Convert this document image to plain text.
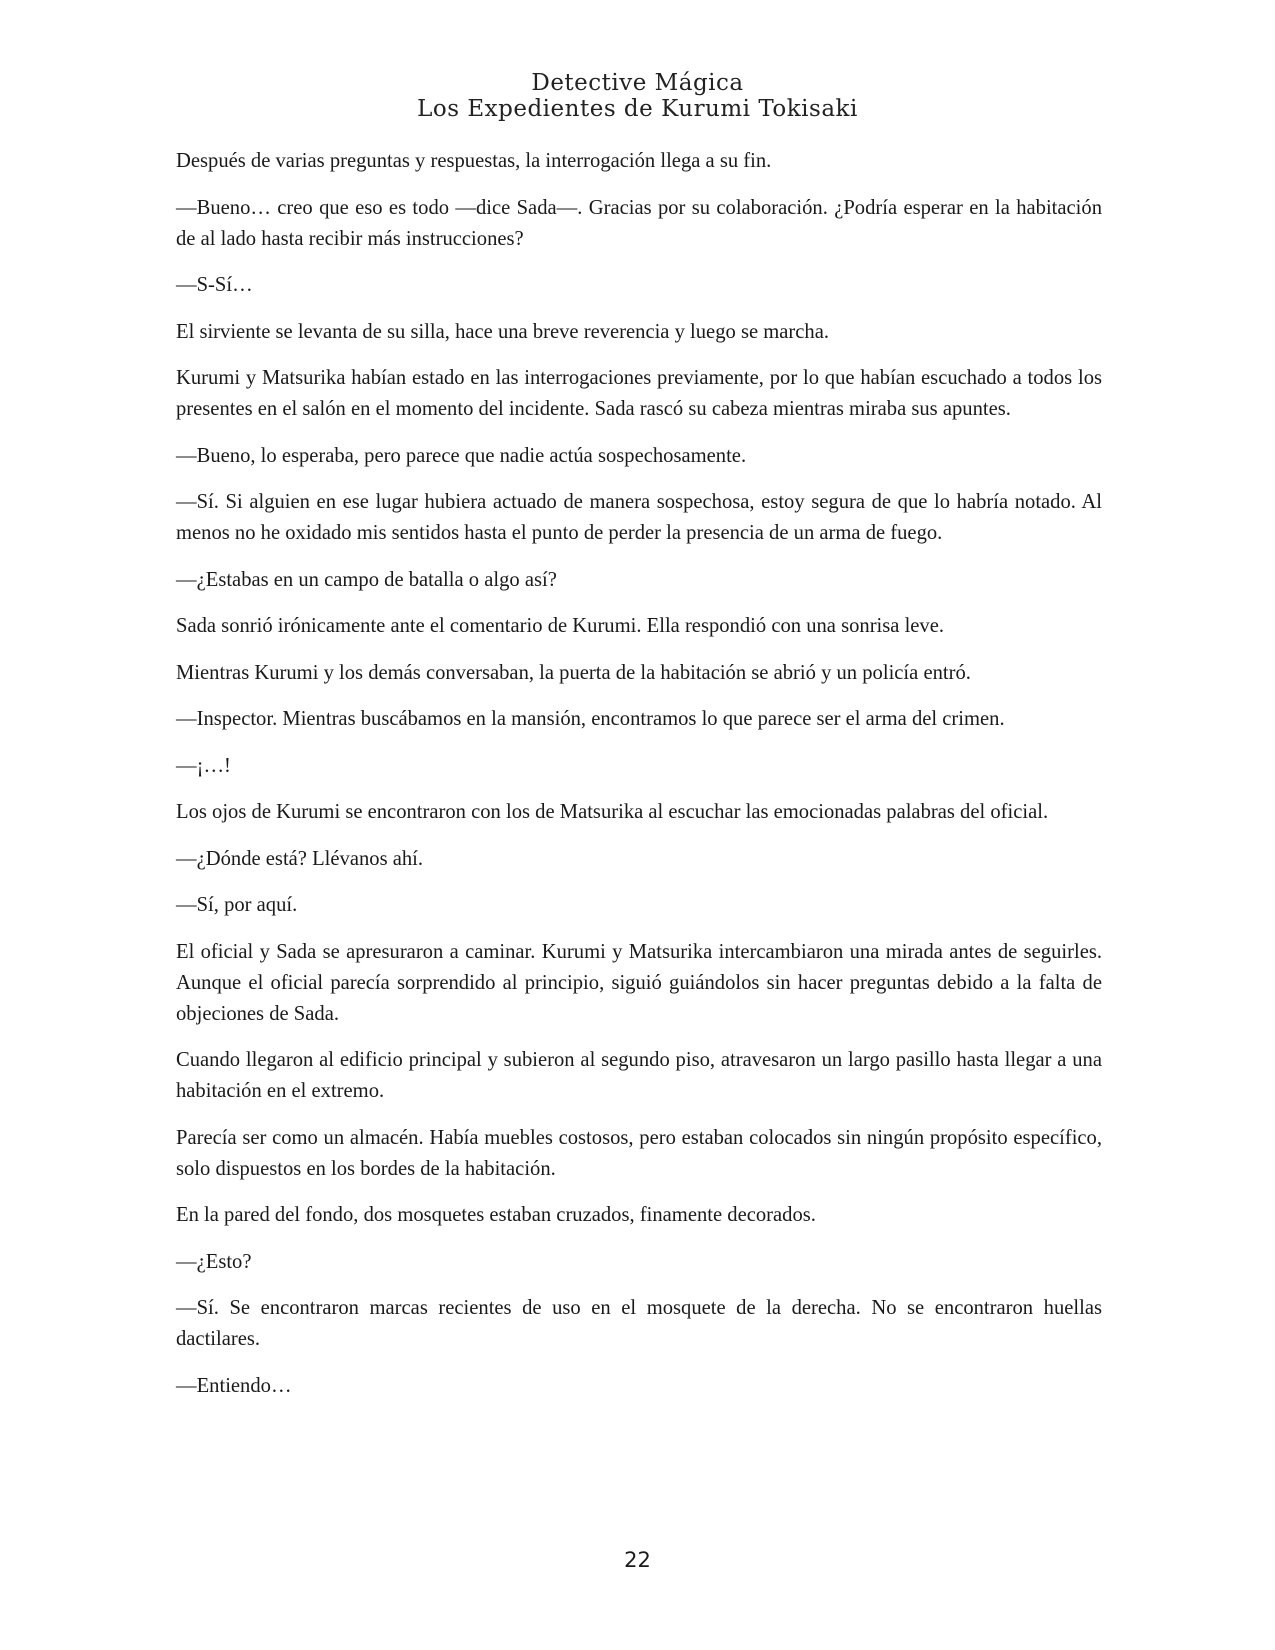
Detective Mágica
Los Expedientes de Kurumi Tokisaki

Después de varias preguntas y respuestas, la interrogación llega a su fin.

—Bueno… creo que eso es todo —dice Sada—. Gracias por su colaboración. ¿Podría esperar en la habitación de al lado hasta recibir más instrucciones?

—S-Sí…

El sirviente se levanta de su silla, hace una breve reverencia y luego se marcha.

Kurumi y Matsurika habían estado en las interrogaciones previamente, por lo que habían escuchado a todos los presentes en el salón en el momento del incidente. Sada rascó su cabeza mientras miraba sus apuntes.

—Bueno, lo esperaba, pero parece que nadie actúa sospechosamente.

—Sí. Si alguien en ese lugar hubiera actuado de manera sospechosa, estoy segura de que lo habría notado. Al menos no he oxidado mis sentidos hasta el punto de perder la presencia de un arma de fuego.

—¿Estabas en un campo de batalla o algo así?

Sada sonrió irónicamente ante el comentario de Kurumi. Ella respondió con una sonrisa leve.

Mientras Kurumi y los demás conversaban, la puerta de la habitación se abrió y un policía entró.

—Inspector. Mientras buscábamos en la mansión, encontramos lo que parece ser el arma del crimen.

—¡…!

Los ojos de Kurumi se encontraron con los de Matsurika al escuchar las emocionadas palabras del oficial.

—¿Dónde está? Llévanos ahí.

—Sí, por aquí.

El oficial y Sada se apresuraron a caminar. Kurumi y Matsurika intercambiaron una mirada antes de seguirles. Aunque el oficial parecía sorprendido al principio, siguió guiándolos sin hacer preguntas debido a la falta de objeciones de Sada.

Cuando llegaron al edificio principal y subieron al segundo piso, atravesaron un largo pasillo hasta llegar a una habitación en el extremo.

Parecía ser como un almacén. Había muebles costosos, pero estaban colocados sin ningún propósito específico, solo dispuestos en los bordes de la habitación.

En la pared del fondo, dos mosquetes estaban cruzados, finamente decorados.

—¿Esto?

—Sí. Se encontraron marcas recientes de uso en el mosquete de la derecha. No se encontraron huellas dactilares.

—Entiendo…

22
